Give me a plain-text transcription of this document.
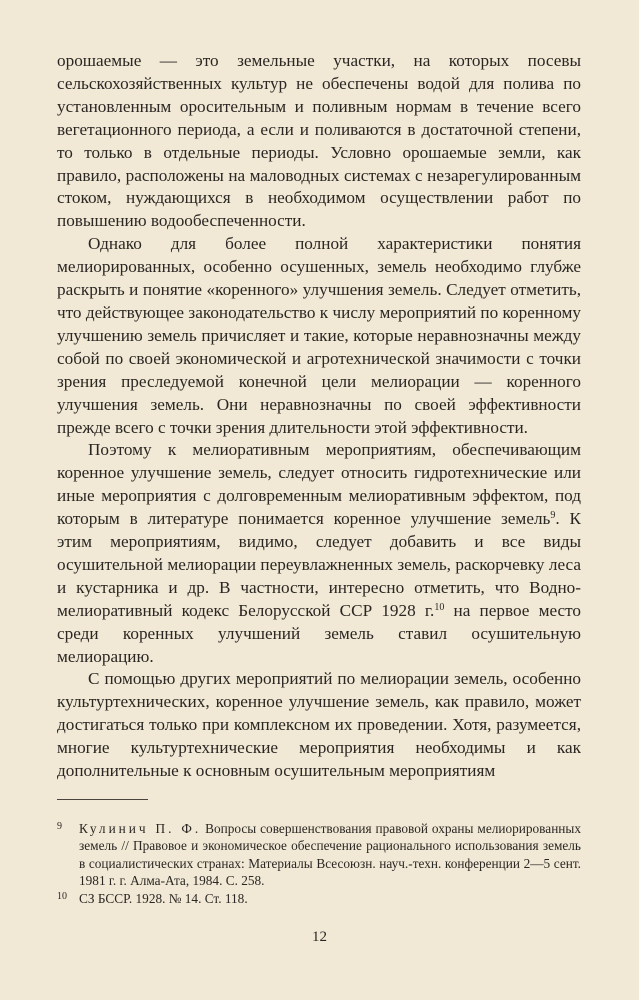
орошаемые — это земельные участки, на которых посевы сельскохозяйственных культур не обеспечены водой для полива по установленным оросительным и поливным нормам в течение всего вегетационного периода, а если и поливаются в достаточной степени, то только в отдельные периоды. Условно орошаемые земли, как правило, расположены на маловодных системах с незарегулированным стоком, нуждающихся в необходимом осуществлении работ по повышению водообеспеченности.

Однако для более полной характеристики понятия мелиорированных, особенно осушенных, земель необходимо глубже раскрыть и понятие «коренного» улучшения земель. Следует отметить, что действующее законодательство к числу мероприятий по коренному улучшению земель причисляет и такие, которые неравнозначны между собой по своей экономической и агротехнической значимости с точки зрения преследуемой конечной цели мелиорации — коренного улучшения земель. Они неравнозначны по своей эффективности прежде всего с точки зрения длительности этой эффективности.

Поэтому к мелиоративным мероприятиям, обеспечивающим коренное улучшение земель, следует относить гидротехнические или иные мероприятия с долговременным мелиоративным эффектом, под которым в литературе понимается коренное улучшение земель$^9$. К этим мероприятиям, видимо, следует добавить и все виды осушительной мелиорации переувлажненных земель, раскорчевку леса и кустарника и др. В частности, интересно отметить, что Водно-мелиоративный кодекс Белорусской ССР 1928 г.$^{10}$ на первое место среди коренных улучшений земель ставил осушительную мелиорацию.

С помощью других мероприятий по мелиорации земель, особенно культуртехнических, коренное улучшение земель, как правило, может достигаться только при комплексном их проведении. Хотя, разумеется, многие культуртехнические мероприятия необходимы и как дополнительные к основным осушительным мероприятиям

9 Кулинич П. Ф. Вопросы совершенствования правовой охраны мелиорированных земель // Правовое и экономическое обеспечение рационального использования земель в социалистических странах: Материалы Всесоюзн. науч.-техн. конференции 2—5 сент. 1981 г. г. Алма-Ата, 1984. С. 258.

10 СЗ БССР. 1928. № 14. Ст. 118.

12
